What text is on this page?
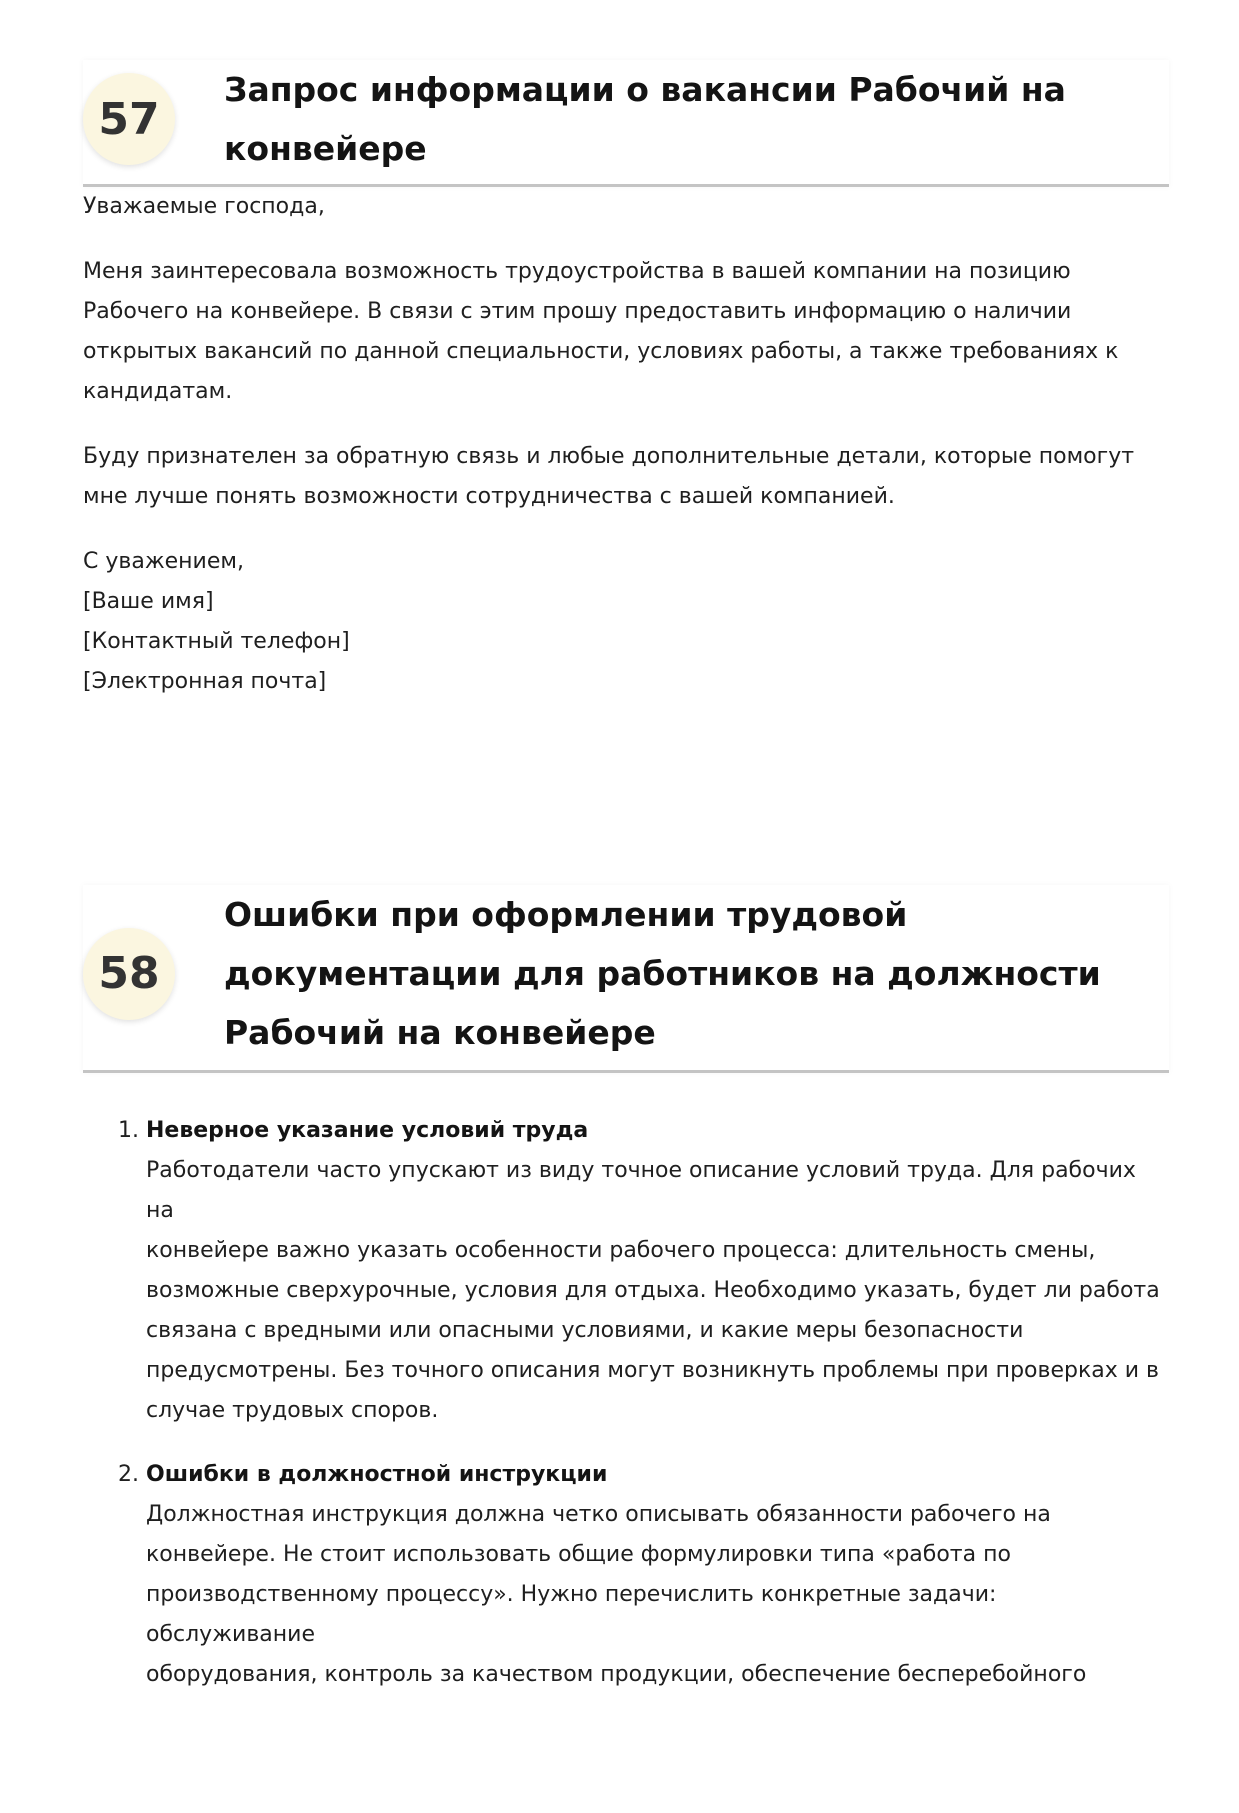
57
Запрос информации о вакансии Рабочий на
конвейере

Уважаемые господа,

Меня заинтересовала возможность трудоустройства в вашей компании на позицию
Рабочего на конвейере. В связи с этим прошу предоставить информацию о наличии
открытых вакансий по данной специальности, условиях работы, а также требованиях к
кандидатам.

Буду признателен за обратную связь и любые дополнительные детали, которые помогут
мне лучше понять возможности сотрудничества с вашей компанией.

С уважением,
[Ваше имя]
[Контактный телефон]
[Электронная почта]

58
Ошибки при оформлении трудовой
документации для работников на должности
Рабочий на конвейере
1. Неверное указание условий труда
Работодатели часто упускают из виду точное описание условий труда. Для рабочих на
конвейере важно указать особенности рабочего процесса: длительность смены,
возможные сверхурочные, условия для отдыха. Необходимо указать, будет ли работа
связана с вредными или опасными условиями, и какие меры безопасности
предусмотрены. Без точного описания могут возникнуть проблемы при проверках и в
случае трудовых споров.
2. Ошибки в должностной инструкции
Должностная инструкция должна четко описывать обязанности рабочего на
конвейере. Не стоит использовать общие формулировки типа «работа по
производственному процессу». Нужно перечислить конкретные задачи: обслуживание
оборудования, контроль за качеством продукции, обеспечение бесперебойного
